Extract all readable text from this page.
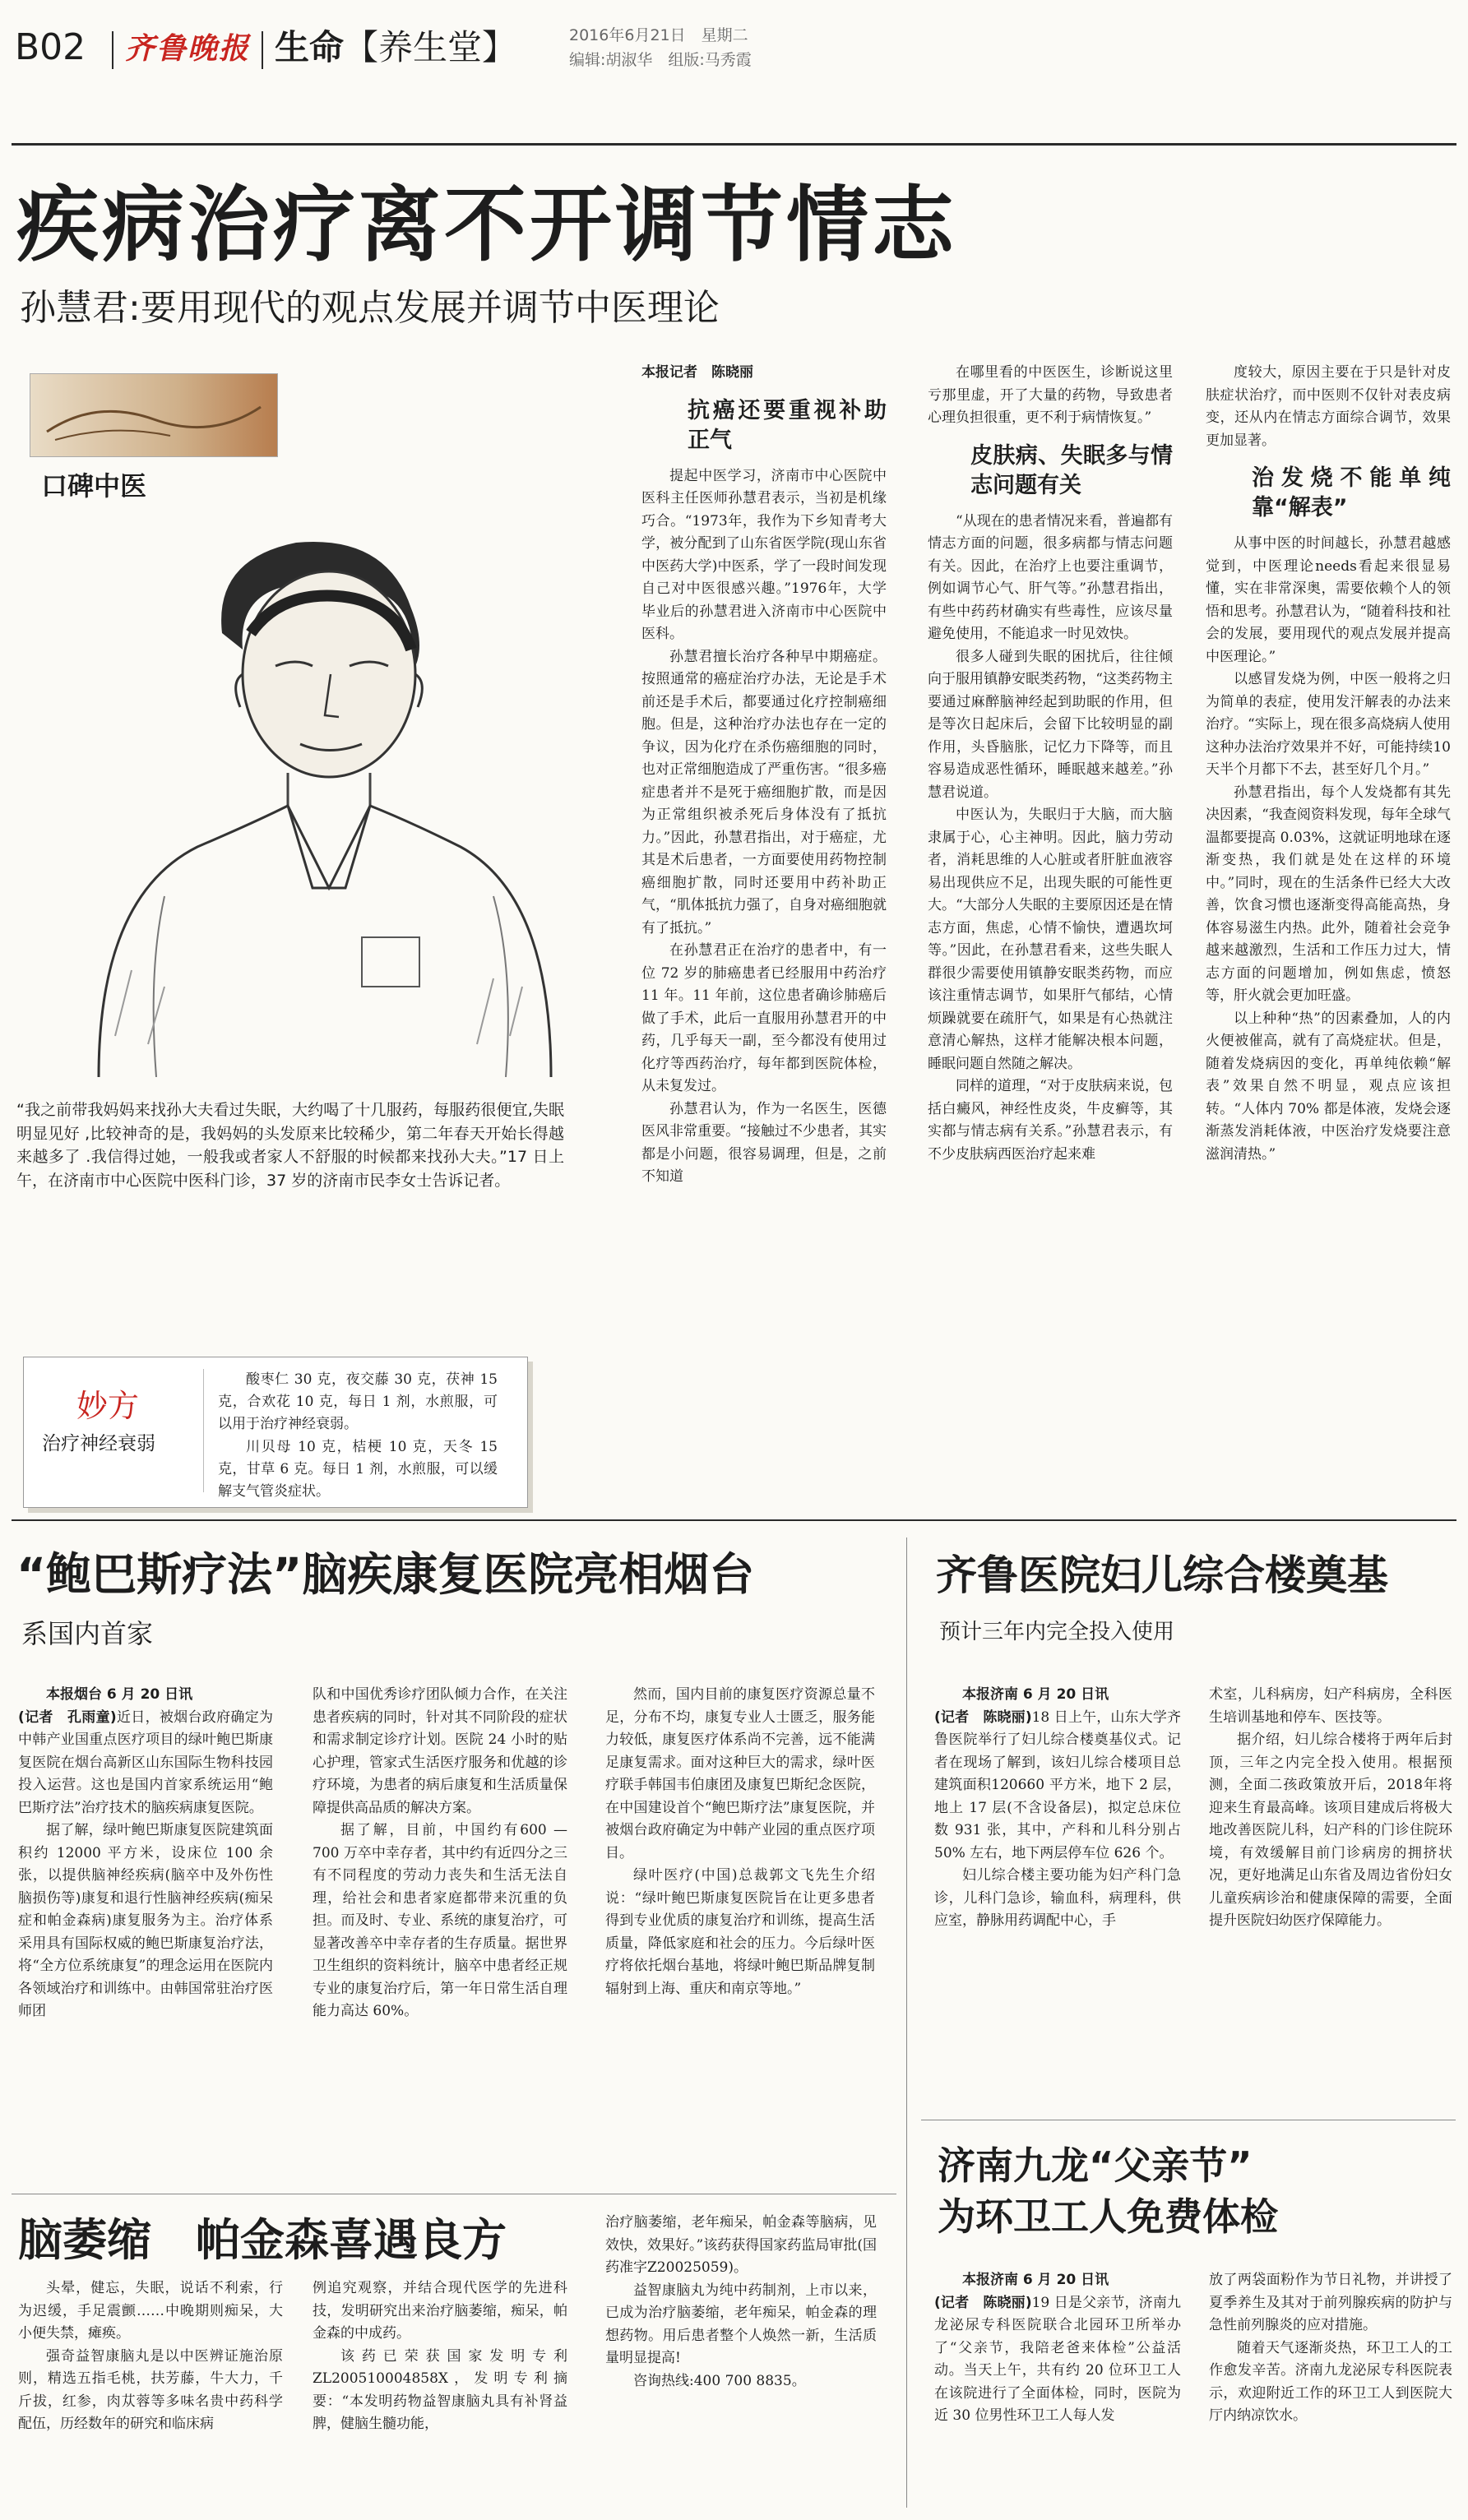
B02 齐鲁晚报 生命【养生堂】	2016年6月21日　星期二
编辑:胡淑华　组版:马秀霞
疾病治疗离不开调节情志
孙慧君:要用现代的观点发展并调节中医理论
口碑中医
“我之前带我妈妈来找孙大夫看过失眠，大约喝了十几服药，每服药很便宜,失眠明显见好 ,比较神奇的是，我妈妈的头发原来比较稀少，第二年春天开始长得越来越多了 .我信得过她，一般我或者家人不舒服的时候都来找孙大夫。”17 日上午，在济南市中心医院中医科门诊，37 岁的济南市民李女士告诉记者。
妙方
治疗神经衰弱
酸枣仁 30 克，夜交藤 30 克，茯神 15 克，合欢花 10 克，每日 1 剂，水煎服，可以用于治疗神经衰弱。
川贝母 10 克，桔梗 10 克，天冬 15 克，甘草 6 克。每日 1 剂，水煎服，可以缓解支气管炎症状。

本报记者　陈晓丽

抗癌还要重视补助正气

提起中医学习，济南市中心医院中医科主任医师孙慧君表示，当初是机缘巧合。“1973年，我作为下乡知青考大学，被分配到了山东省医学院(现山东省中医药大学)中医系，学了一段时间发现自己对中医很感兴趣。”1976年，大学毕业后的孙慧君进入济南市中心医院中医科。

孙慧君擅长治疗各种早中期癌症。按照通常的癌症治疗办法，无论是手术前还是手术后，都要通过化疗控制癌细胞。但是，这种治疗办法也存在一定的争议，因为化疗在杀伤癌细胞的同时，也对正常细胞造成了严重伤害。“很多癌症患者并不是死于癌细胞扩散，而是因为正常组织被杀死后身体没有了抵抗力。”因此，孙慧君指出，对于癌症，尤其是术后患者，一方面要使用药物控制癌细胞扩散，同时还要用中药补助正气，“肌体抵抗力强了，自身对癌细胞就有了抵抗。”

在孙慧君正在治疗的患者中，有一位 72 岁的肺癌患者已经服用中药治疗 11 年。11 年前，这位患者确诊肺癌后做了手术，此后一直服用孙慧君开的中药，几乎每天一副，至今都没有使用过化疗等西药治疗，每年都到医院体检，从未复发过。

孙慧君认为，作为一名医生，医德医风非常重要。“接触过不少患者，其实都是小问题，很容易调理，但是，之前不知道

在哪里看的中医医生，诊断说这里亏那里虚，开了大量的药物，导致患者心理负担很重，更不利于病情恢复。”

皮肤病、失眠多与情志问题有关

“从现在的患者情况来看，普遍都有情志方面的问题，很多病都与情志问题有关。因此，在治疗上也要注重调节，例如调节心气、肝气等。”孙慧君指出，有些中药药材确实有些毒性，应该尽量避免使用，不能追求一时见效快。

很多人碰到失眠的困扰后，往往倾向于服用镇静安眠类药物，“这类药物主要通过麻醉脑神经起到助眠的作用，但是等次日起床后，会留下比较明显的副作用，头昏脑胀，记忆力下降等，而且容易造成恶性循环，睡眠越来越差。”孙慧君说道。

中医认为，失眠归于大脑，而大脑隶属于心，心主神明。因此，脑力劳动者，消耗思维的人心脏或者肝脏血液容易出现供应不足，出现失眠的可能性更大。“大部分人失眠的主要原因还是在情志方面，焦虑，心情不愉快，遭遇坎坷等。”因此，在孙慧君看来，这些失眠人群很少需要使用镇静安眠类药物，而应该注重情志调节，如果肝气郁结，心情烦躁就要在疏肝气，如果是有心热就注意清心解热，这样才能解决根本问题，睡眠问题自然随之解决。

同样的道理，“对于皮肤病来说，包括白癜风，神经性皮炎，牛皮癣等，其实都与情志病有关系。”孙慧君表示，有不少皮肤病西医治疗起来难

度较大，原因主要在于只是针对皮肤症状治疗，而中医则不仅针对表皮病变，还从内在情志方面综合调节，效果更加显著。

治发烧不能单纯靠“解表”

从事中医的时间越长，孙慧君越感觉到，中医理论needs看起来很显易懂，实在非常深奥，需要依赖个人的领悟和思考。孙慧君认为，“随着科技和社会的发展，要用现代的观点发展并提高中医理论。”

以感冒发烧为例，中医一般将之归为简单的表症，使用发汗解表的办法来治疗。“实际上，现在很多高烧病人使用这种办法治疗效果并不好，可能持续10天半个月都下不去，甚至好几个月。”

孙慧君指出，每个人发烧都有其先决因素，“我查阅资料发现，每年全球气温都要提高 0.03%，这就证明地球在逐渐变热，我们就是处在这样的环境中。”同时，现在的生活条件已经大大改善，饮食习惯也逐渐变得高能高热，身体容易滋生内热。此外，随着社会竞争越来越激烈，生活和工作压力过大，情志方面的问题增加，例如焦虑，愤怒等，肝火就会更加旺盛。

以上种种“热”的因素叠加，人的内火便被催高，就有了高烧症状。但是，随着发烧病因的变化，再单纯依赖“解表”效果自然不明显，观点应该担转。“人体内 70% 都是体液，发烧会逐渐蒸发消耗体液，中医治疗发烧要注意滋润清热。”

“鲍巴斯疗法”脑疾康复医院亮相烟台
系国内首家

本报烟台 6 月 20 日讯

(记者　孔雨童)近日，被烟台政府确定为中韩产业国重点医疗项目的绿叶鲍巴斯康复医院在烟台高新区山东国际生物科技园投入运营。这也是国内首家系统运用“鲍巴斯疗法”治疗技术的脑疾病康复医院。

据了解，绿叶鲍巴斯康复医院建筑面积约 12000 平方米，设床位 100 余张，以提供脑神经疾病(脑卒中及外伤性脑损伤等)康复和退行性脑神经疾病(痴呆症和帕金森病)康复服务为主。治疗体系采用具有国际权威的鲍巴斯康复治疗法，将“全方位系统康复”的理念运用在医院内各领域治疗和训练中。由韩国常驻治疗医师团

队和中国优秀诊疗团队倾力合作，在关注患者疾病的同时，针对其不同阶段的症状和需求制定诊疗计划。医院 24 小时的贴心护理，管家式生活医疗服务和优越的诊疗环境，为患者的病后康复和生活质量保障提供高品质的解决方案。

据了解，目前，中国约有600 — 700 万卒中幸存者，其中约有近四分之三有不同程度的劳动力丧失和生活无法自理，给社会和患者家庭都带来沉重的负担。而及时、专业、系统的康复治疗，可显著改善卒中幸存者的生存质量。据世界卫生组织的资料统计，脑卒中患者经正规专业的康复治疗后，第一年日常生活自理能力高达 60%。

然而，国内目前的康复医疗资源总量不足，分布不均，康复专业人士匮乏，服务能力较低，康复医疗体系尚不完善，远不能满足康复需求。面对这种巨大的需求，绿叶医疗联手韩国韦伯康团及康复巴斯纪念医院，在中国建设首个“鲍巴斯疗法”康复医院，并被烟台政府确定为中韩产业园的重点医疗项目。

绿叶医疗(中国)总裁郭文飞先生介绍说：“绿叶鲍巴斯康复医院旨在让更多患者得到专业优质的康复治疗和训练，提高生活质量，降低家庭和社会的压力。今后绿叶医疗将依托烟台基地，将绿叶鲍巴斯品牌复制辐射到上海、重庆和南京等地。”

齐鲁医院妇儿综合楼奠基
预计三年内完全投入使用

本报济南 6 月 20 日讯

(记者　陈晓丽)18 日上午，山东大学齐鲁医院举行了妇儿综合楼奠基仪式。记者在现场了解到，该妇儿综合楼项目总建筑面积120660 平方米，地下 2 层，地上 17 层(不含设备层)，拟定总床位数 931 张，其中，产科和儿科分别占 50% 左右，地下两层停车位 626 个。

妇儿综合楼主要功能为妇产科门急诊，儿科门急诊，输血科，病理科，供应室，静脉用药调配中心，手

术室，儿科病房，妇产科病房，全科医生培训基地和停车、医技等。

据介绍，妇儿综合楼将于两年后封顶，三年之内完全投入使用。根据预测，全面二孩政策放开后，2018年将迎来生育最高峰。该项目建成后将极大地改善医院儿科，妇产科的门诊住院环境，有效缓解目前门诊病房的拥挤状况，更好地满足山东省及周边省份妇女儿童疾病诊治和健康保障的需要，全面提升医院妇幼医疗保障能力。

脑萎缩　帕金森喜遇良方

头晕，健忘，失眠，说话不利索，行为迟缓，手足震颤……中晚期则痴呆，大小便失禁，瘫痪。

强奇益智康脑丸是以中医辨证施治原则，精选五指毛桃，扶芳藤，牛大力，千斤拔，红参，肉苁蓉等多味名贵中药科学配伍，历经数年的研究和临床病

例追究观察，并结合现代医学的先进科技，发明研究出来治疗脑萎缩，痴呆，帕金森的中成药。

该药已荣获国家发明专利ZL200510004858X，发明专利摘要：“本发明药物益智康脑丸具有补肾益脾，健脑生髓功能，

治疗脑萎缩，老年痴呆，帕金森等脑病，见效快，效果好。”该药获得国家药监局审批(国药准字Z20025059)。

益智康脑丸为纯中药制剂，上市以来，已成为治疗脑萎缩，老年痴呆，帕金森的理想药物。用后患者整个人焕然一新，生活质量明显提高!

咨询热线:400 700 8835。

济南九龙“父亲节”
为环卫工人免费体检

本报济南 6 月 20 日讯

(记者　陈晓丽)19 日是父亲节，济南九龙泌尿专科医院联合北园环卫所举办了“父亲节，我陪老爸来体检”公益活动。当天上午，共有约 20 位环卫工人在该院进行了全面体检，同时，医院为近 30 位男性环卫工人每人发

放了两袋面粉作为节日礼物，并讲授了夏季养生及其对于前列腺疾病的防护与急性前列腺炎的应对措施。

随着天气逐渐炎热，环卫工人的工作愈发辛苦。济南九龙泌尿专科医院表示，欢迎附近工作的环卫工人到医院大厅内纳凉饮水。
